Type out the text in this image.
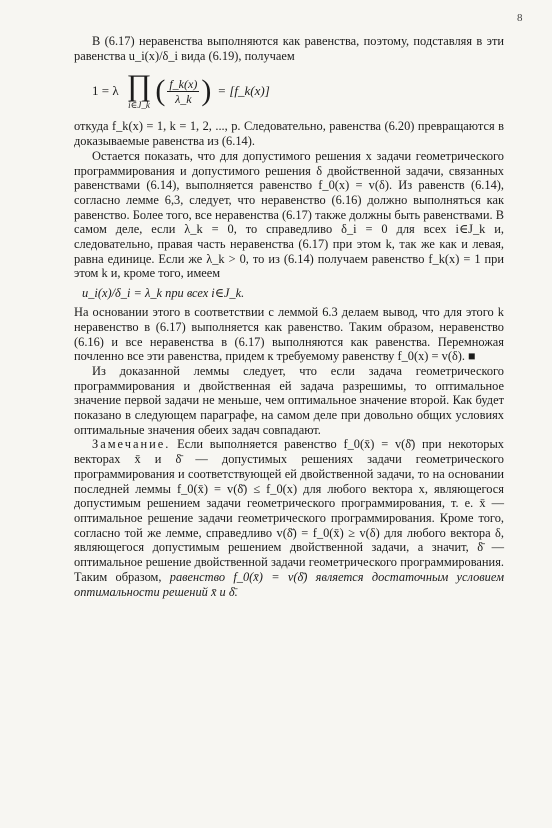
8

В (6.17) неравенства выполняются как равенства, поэтому, подставляя в эти равенства u_i(x)/δ_i вида (6.19), получаем

1 = λ ∏
i∈J_k ( $\frac{f\_k(x)}{\lambda\_k}$ ) = [f_k(x)]

откуда f_k(x) = 1, k = 1, 2, ..., p. Следовательно, равенства (6.20) превращаются в доказываемые равенства из (6.14).

Остается показать, что для допустимого решения x задачи геометрического программирования и допустимого решения δ двойственной задачи, связанных равенствами (6.14), выполняется равенство f_0(x) = v(δ). Из равенств (6.14), согласно лемме 6,3, следует, что неравенство (6.16) должно выполняться как равенство. Более того, все неравенства (6.17) также должны быть равенствами. В самом деле, если λ_k = 0, то справедливо δ_i = 0 для всех i∈J_k и, следовательно, правая часть неравенства (6.17) при этом k, так же как и левая, равна единице. Если же λ_k > 0, то из (6.14) получаем равенство f_k(x) = 1 при этом k и, кроме того, имеем

u_i(x)/δ_i = λ_k при всех i∈J_k.

На основании этого в соответствии с леммой 6.3 делаем вывод, что для этого k неравенство в (6.17) выполняется как равенство. Таким образом, неравенство (6.16) и все неравенства в (6.17) выполняются как равенства. Перемножая почленно все эти равенства, придем к требуемому равенству f_0(x) = v(δ). ■

Из доказанной леммы следует, что если задача геометрического программирования и двойственная ей задача разрешимы, то оптимальное значение первой задачи не меньше, чем оптимальное значение второй. Как будет показано в следующем параграфе, на самом деле при довольно общих условиях оптимальные значения обеих задач совпадают.

Замечание. Если выполняется равенство f_0(x̄) = v(δ̄) при некоторых векторах x̄ и δ̄ — допустимых решениях задачи геометрического программирования и соответствующей ей двойственной задачи, то на основании последней леммы f_0(x̄) = v(δ̄) ≤ f_0(x) для любого вектора x, являющегося допустимым решением задачи геометрического программирования, т. е. x̄ — оптимальное решение задачи геометрического программирования. Кроме того, согласно той же лемме, справедливо v(δ̄) = f_0(x̄) ≥ v(δ) для любого вектора δ, являющегося допустимым решением двойственной задачи, а значит, δ̄ — оптимальное решение двойственной задачи геометрического программирования. Таким образом, равенство f_0(x̄) = v(δ̄) является достаточным условием оптимальности решений x̄ и δ̄.
